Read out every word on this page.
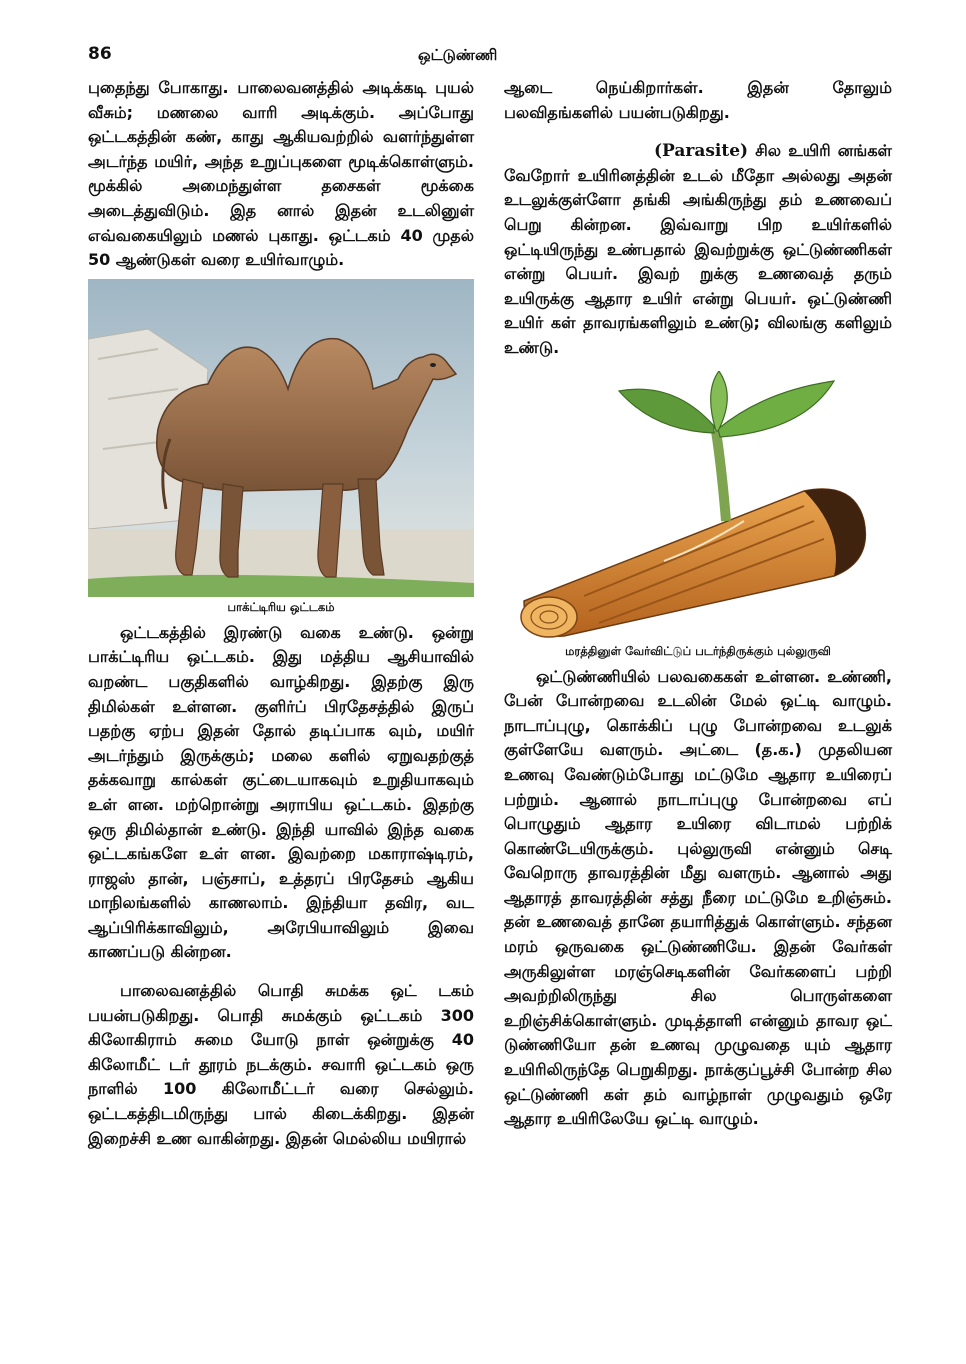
86	ஒட்டுண்ணி

புதைந்து போகாது. பாலைவனத்தில் அடிக்கடி புயல் வீசும்; மணலை வாரி அடிக்கும். அப்போது ஒட்டகத்தின் கண், காது ஆகியவற்றில் வளர்ந்துள்ள அடர்ந்த மயிர், அந்த உறுப்புகளை மூடிக்கொள்ளும். மூக்கில் அமைந்துள்ள தசைகள் மூக்கை அடைத்துவிடும். இத னால் இதன் உடலினுள் எவ்வகையிலும் மணல் புகாது. ஒட்டகம் 40 முதல் 50 ஆண்டுகள் வரை உயிர்வாழும்.

பாக்ட்டிரிய ஒட்டகம்

ஒட்டகத்தில் இரண்டு வகை உண்டு. ஒன்று பாக்ட்டிரிய ஒட்டகம். இது மத்திய ஆசியாவில் வறண்ட பகுதிகளில் வாழ்கிறது. இதற்கு இரு திமில்கள் உள்ளன. குளிர்ப் பிரதேசத்தில் இருப் பதற்கு ஏற்ப இதன் தோல் தடிப்பாக வும், மயிர் அடர்ந்தும் இருக்கும்; மலை களில் ஏறுவதற்குத் தக்கவாறு கால்கள் குட்டையாகவும் உறுதியாகவும் உள் ளன. மற்றொன்று அராபிய ஒட்டகம். இதற்கு ஒரு திமில்தான் உண்டு. இந்தி யாவில் இந்த வகை ஒட்டகங்களே உள் ளன. இவற்றை மகாராஷ்டிரம், ராஜஸ் தான், பஞ்சாப், உத்தரப் பிரதேசம் ஆகிய மாநிலங்களில் காணலாம். இந்தியா தவிர, வட ஆப்பிரிக்காவிலும், அரேபியாவிலும் இவை காணப்படு கின்றன.

பாலைவனத்தில் பொதி சுமக்க ஒட் டகம் பயன்படுகிறது. பொதி சுமக்கும் ஒட்டகம் 300 கிலோகிராம் சுமை யோடு நாள் ஒன்றுக்கு 40 கிலோமீட் டர் தூரம் நடக்கும். சவாரி ஒட்டகம் ஒரு நாளில் 100 கிலோமீட்டர் வரை செல்லும். ஒட்டகத்திடமிருந்து பால் கிடைக்கிறது. இதன் இறைச்சி உண வாகின்றது. இதன் மெல்லிய மயிரால்

ஆடை நெய்கிறார்கள். இதன் தோலும் பலவிதங்களில் பயன்படுகிறது.

(Parasite) சில உயிரி னங்கள் வேறோர் உயிரினத்தின் உடல் மீதோ அல்லது அதன் உடலுக்குள்ளோ தங்கி அங்கிருந்து தம் உணவைப் பெறு கின்றன. இவ்வாறு பிற உயிர்களில் ஒட்டியிருந்து உண்பதால் இவற்றுக்கு ஒட்டுண்ணிகள் என்று பெயர். இவற் றுக்கு உணவைத் தரும் உயிருக்கு ஆதார உயிர் என்று பெயர். ஒட்டுண்ணி உயிர் கள் தாவரங்களிலும் உண்டு; விலங்கு களிலும் உண்டு.

மரத்தினுள் வேர்விட்டுப் படர்ந்திருக்கும் புல்லுருவி

ஒட்டுண்ணியில் பலவகைகள் உள்ளன. உண்ணி, பேன் போன்றவை உடலின் மேல் ஒட்டி வாழும். நாடாப்புழு, கொக்கிப் புழு போன்றவை உடலுக் குள்ளேயே வளரும். அட்டை (த.க.) முதலியன உணவு வேண்டும்போது மட்டுமே ஆதார உயிரைப் பற்றும். ஆனால் நாடாப்புழு போன்றவை எப் பொழுதும் ஆதார உயிரை விடாமல் பற்றிக் கொண்டேயிருக்கும். புல்லுருவி என்னும் செடி வேறொரு தாவரத்தின் மீது வளரும். ஆனால் அது ஆதாரத் தாவரத்தின் சத்து நீரை மட்டுமே உறிஞ்சும். தன் உணவைத் தானே தயாரித்துக் கொள்ளும். சந்தன மரம் ஒருவகை ஒட்டுண்ணியே. இதன் வேர்கள் அருகிலுள்ள மரஞ்செடிகளின் வேர்களைப் பற்றி அவற்றிலிருந்து சில பொருள்களை உறிஞ்சிக்கொள்ளும். முடித்தாளி என்னும் தாவர ஒட் டுண்ணியோ தன் உணவு முழுவதை யும் ஆதார உயிரிலிருந்தே பெறுகிறது. நாக்குப்பூச்சி போன்ற சில ஒட்டுண்ணி கள் தம் வாழ்நாள் முழுவதும் ஒரே ஆதார உயிரிலேயே ஒட்டி வாழும்.
